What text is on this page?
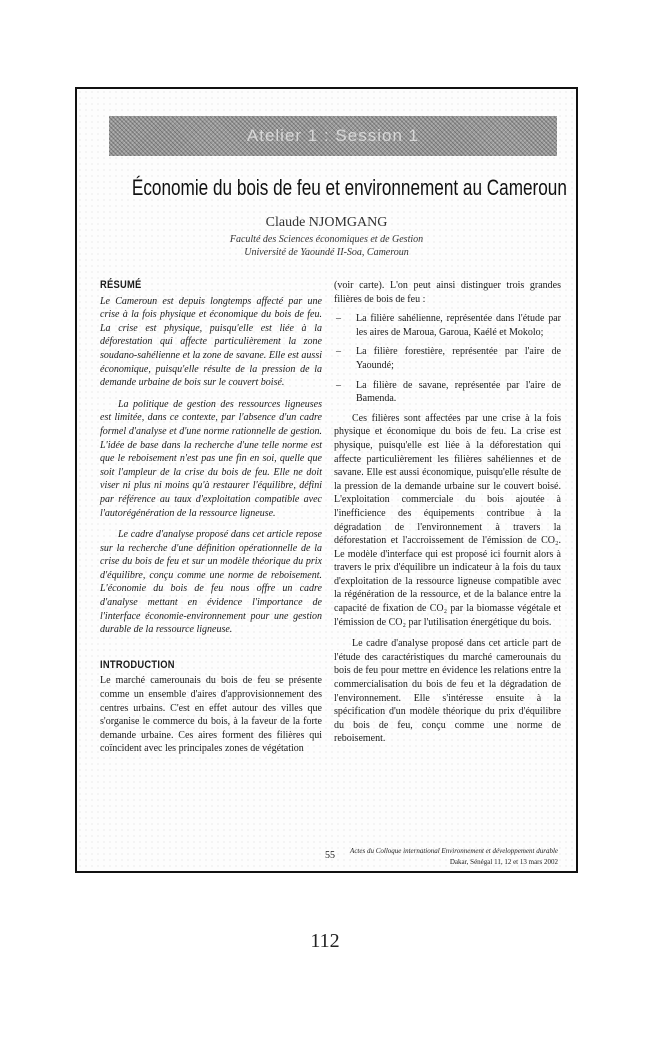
Atelier 1 : Session 1
Économie du bois de feu et environnement au Cameroun
Claude NJOMGANG
Faculté des Sciences économiques et de Gestion
Université de Yaoundé II-Soa, Cameroun
RÉSUMÉ

Le Cameroun est depuis longtemps affecté par une crise à la fois physique et économique du bois de feu. La crise est physique, puisqu'elle est liée à la déforestation qui affecte particulièrement la zone soudano-sahélienne et la zone de savane. Elle est aussi économique, puisqu'elle résulte de la pression de la demande urbaine de bois sur le couvert boisé.

La politique de gestion des ressources ligneuses est limitée, dans ce contexte, par l'absence d'un cadre formel d'analyse et d'une norme rationnelle de gestion. L'idée de base dans la recherche d'une telle norme est que le reboisement n'est pas une fin en soi, quelle que soit l'ampleur de la crise du bois de feu. Elle ne doit viser ni plus ni moins qu'à restaurer l'équilibre, défini par référence au taux d'exploitation compatible avec l'autorégénération de la ressource ligneuse.

Le cadre d'analyse proposé dans cet article repose sur la recherche d'une définition opérationnelle de la crise du bois de feu et sur un modèle théorique du prix d'équilibre, conçu comme une norme de reboisement. L'économie du bois de feu nous offre un cadre d'analyse mettant en évidence l'importance de l'interface économie-environnement pour une gestion durable de la ressource ligneuse.

INTRODUCTION

Le marché camerounais du bois de feu se présente comme un ensemble d'aires d'approvisionnement des centres urbains. C'est en effet autour des villes que s'organise le commerce du bois, à la faveur de la forte demande urbaine. Ces aires forment des filières qui coïncident avec les principales zones de végétation

(voir carte). L'on peut ainsi distinguer trois grandes filières de bois de feu :

– La filière sahélienne, représentée dans l'étude par les aires de Maroua, Garoua, Kaélé et Mokolo;
– La filière forestière, représentée par l'aire de Yaoundé;
– La filière de savane, représentée par l'aire de Bamenda.

Ces filières sont affectées par une crise à la fois physique et économique du bois de feu. La crise est physique, puisqu'elle est liée à la déforestation qui affecte particulièrement les filières sahéliennes et de savane. Elle est aussi économique, puisqu'elle résulte de la pression de la demande urbaine sur le couvert boisé. L'exploitation commerciale du bois ajoutée à l'inefficience des équipements contribue à la dégradation de l'environnement à travers la déforestation et l'accroissement de l'émission de CO₂. Le modèle d'interface qui est proposé ici fournit alors à travers le prix d'équilibre un indicateur à la fois du taux d'exploitation de la ressource ligneuse compatible avec la régénération de la ressource, et de la balance entre la capacité de fixation de CO₂ par la biomasse végétale et l'émission de CO₂ par l'utilisation énergétique du bois.

Le cadre d'analyse proposé dans cet article part de l'étude des caractéristiques du marché camerounais du bois de feu pour mettre en évidence les relations entre la commercialisation du bois de feu et la dégradation de l'environnement. Elle s'intéresse ensuite à la spécification d'un modèle théorique du prix d'équilibre du bois de feu, conçu comme une norme de reboisement.

55 Actes du Colloque international Environnement et développement durable
Dakar, Sénégal 11, 12 et 13 mars 2002
112
